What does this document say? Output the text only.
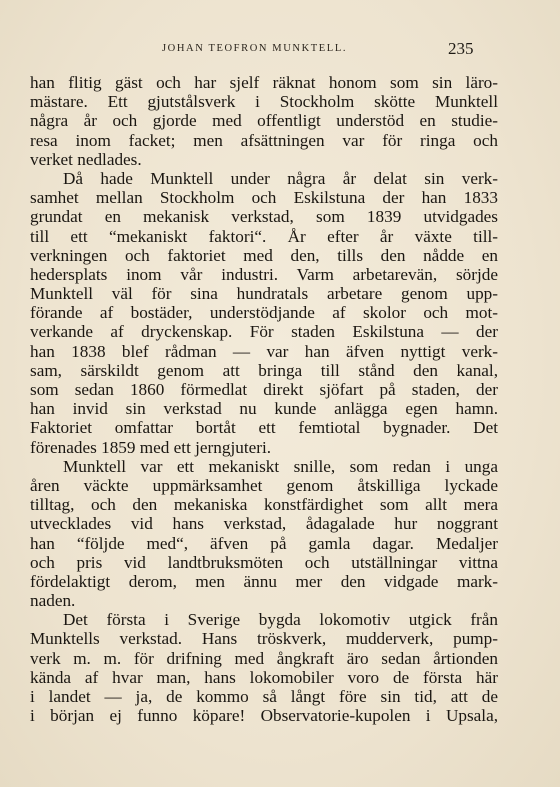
JOHAN TEOFRON MUNKTELL.	235
han flitig gäst och har sjelf räknat honom som sin läro-
mästare. Ett gjutstålsverk i Stockholm skötte Munktell
några år och gjorde med offentligt understöd en studie-
resa inom facket; men afsättningen var för ringa och
verket nedlades.
Då hade Munktell under några år delat sin verk-
samhet mellan Stockholm och Eskilstuna der han 1833
grundat en mekanisk verkstad, som 1839 utvidgades
till ett “mekaniskt faktori“. År efter år växte till-
verkningen och faktoriet med den, tills den nådde en
hedersplats inom vår industri. Varm arbetarevän, sörjde
Munktell väl för sina hundratals arbetare genom upp-
förande af bostäder, understödjande af skolor och mot-
verkande af dryckenskap. För staden Eskilstuna — der
han 1838 blef rådman — var han äfven nyttigt verk-
sam, särskildt genom att bringa till stånd den kanal,
som sedan 1860 förmedlat direkt sjöfart på staden, der
han invid sin verkstad nu kunde anlägga egen hamn.
Faktoriet omfattar bortåt ett femtiotal bygnader. Det
förenades 1859 med ett jerngjuteri.
Munktell var ett mekaniskt snille, som redan i unga
åren väckte uppmärksamhet genom åtskilliga lyckade
tilltag, och den mekaniska konstfärdighet som allt mera
utvecklades vid hans verkstad, ådagalade hur noggrant
han “följde med“, äfven på gamla dagar. Medaljer
och pris vid landtbruksmöten och utställningar vittna
fördelaktigt derom, men ännu mer den vidgade mark-
naden.
Det första i Sverige bygda lokomotiv utgick från
Munktells verkstad. Hans tröskverk, mudderverk, pump-
verk m. m. för drifning med ångkraft äro sedan årtionden
kända af hvar man, hans lokomobiler voro de första här
i landet — ja, de kommo så långt före sin tid, att de
i början ej funno köpare! Observatorie-kupolen i Upsala,
